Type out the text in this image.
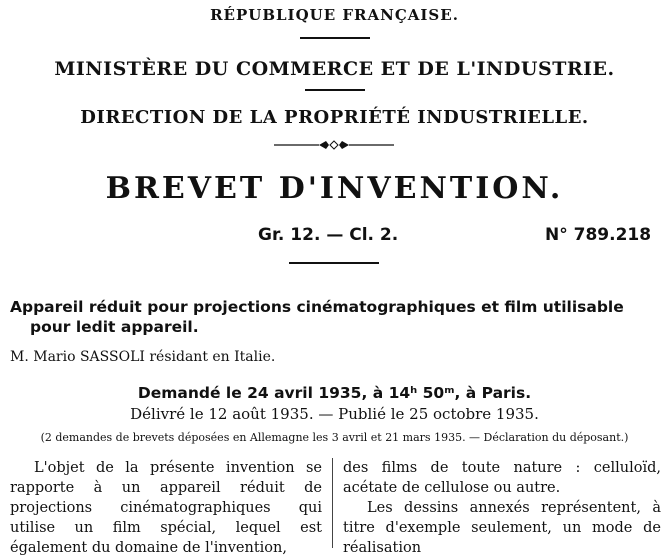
RÉPUBLIQUE FRANÇAISE.
MINISTÈRE DU COMMERCE ET DE L'INDUSTRIE.
DIRECTION DE LA PROPRIÉTÉ INDUSTRIELLE.
BREVET D'INVENTION.
Gr. 12. — Cl. 2.	N° 789.218
Appareil réduit pour projections cinématographiques et film utilisable
pour ledit appareil.
M. Mario SASSOLI résidant en Italie.
Demandé le 24 avril 1935, à 14ʰ 50ᵐ, à Paris.
Délivré le 12 août 1935. — Publié le 25 octobre 1935.
(2 demandes de brevets déposées en Allemagne les 3 avril et 21 mars 1935. — Déclaration du déposant.)

L'objet de la présente invention se rapporte à un appareil réduit de projections cinématographiques qui utilise un film spécial, lequel est également du domaine de l'invention,

des films de toute nature : celluloïd, acétate de cellulose ou autre.

Les dessins annexés représentent, à titre d'exemple seulement, un mode de réalisation
